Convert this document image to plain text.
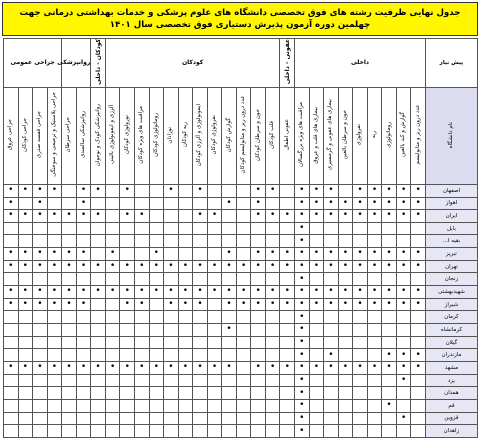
جدول نهایی ظرفیت رشته های فوق تخصصی دانشگاه های علوم پزشکی و خدمات بهداشتی درمانی جهت چهلمین دوره آزمون پذیرش دستیاری فوق تخصصی سال ۱۴۰۱
پیش نیاز	داخلی									عفونی - داخلی	کودکان												کودکان - داخلی	روانپزشکی		جراحی عمومی			
نام دانشگاه	غدد درون ریز و متابولیسم	گوارش و کبد بالغین	روماتولوژی	ریه	نفرولوژی	خون و سرطان بالغین	بیماری های عفونی و گرمسیری	بیماری های قلب و عروق	مراقبت های ویژه بزرگسالان	عفونی اطفال	قلب کودکان	خون و سرطان کودکان	غدد درون ریز و متابولیسم کودکان	گوارش کودکان	نفرولوژی کودکان	ایمونولوژی و آلرژی کودکان	ریه کودکان	نوزادان	روماتولوژی کودکان	مراقبت های ویژه کودکان	نورولوژی کودکان	آلرژی و ایمونولوژی بالینی	روانپزشکی کودک و نوجوان	روانپزشکی سالمندی	جراحی سرطان	جراحی پلاستیک و ترمیمی و سوختگی	جراحی قفسه صدری	جراحی کودکان	جراحی عروق
اصفهان	•	•	•	•	•		•	•	•		•	•				•		•			•		•	•		•	•	•	•
اهواز	•	•	•	•	•	•	•	•	•			•		•										•			•		•
ایران	•	•	•	•	•	•	•	•	•	•	•	•			•	•				•	•		•	•	•	•	•	•	•
بابل									•																				
بقیه ا...									•																				
تبریز	•	•	•	•	•	•	•	•	•	•	•	•		•					•			•		•	•	•	•	•	•
تهران	•	•	•	•	•	•	•	•	•	•	•	•	•	•	•	•	•	•	•	•	•	•	•	•	•	•	•	•	•
زنجان									•																				
شهیدبهشتی	•	•	•	•	•	•	•	•	•	•	•	•	•	•	•	•	•	•	•	•	•	•	•	•	•	•	•	•	•
شیراز	•	•	•	•	•	•	•	•	•	•	•	•	•	•		•	•	•		•	•			•	•	•	•	•	•
کرمان									•																				
کرمانشاه									•					•															
گیلان									•																				
مازندران	•	•	•				•		•																				
مشهد	•	•	•	•	•	•	•	•	•	•	•	•		•	•	•	•	•	•	•	•	•	•	•	•	•	•	•	•
یزد		•							•																				
همدان									•																				
قم			•						•																				
قزوین		•							•																				
زاهدان									•																				
